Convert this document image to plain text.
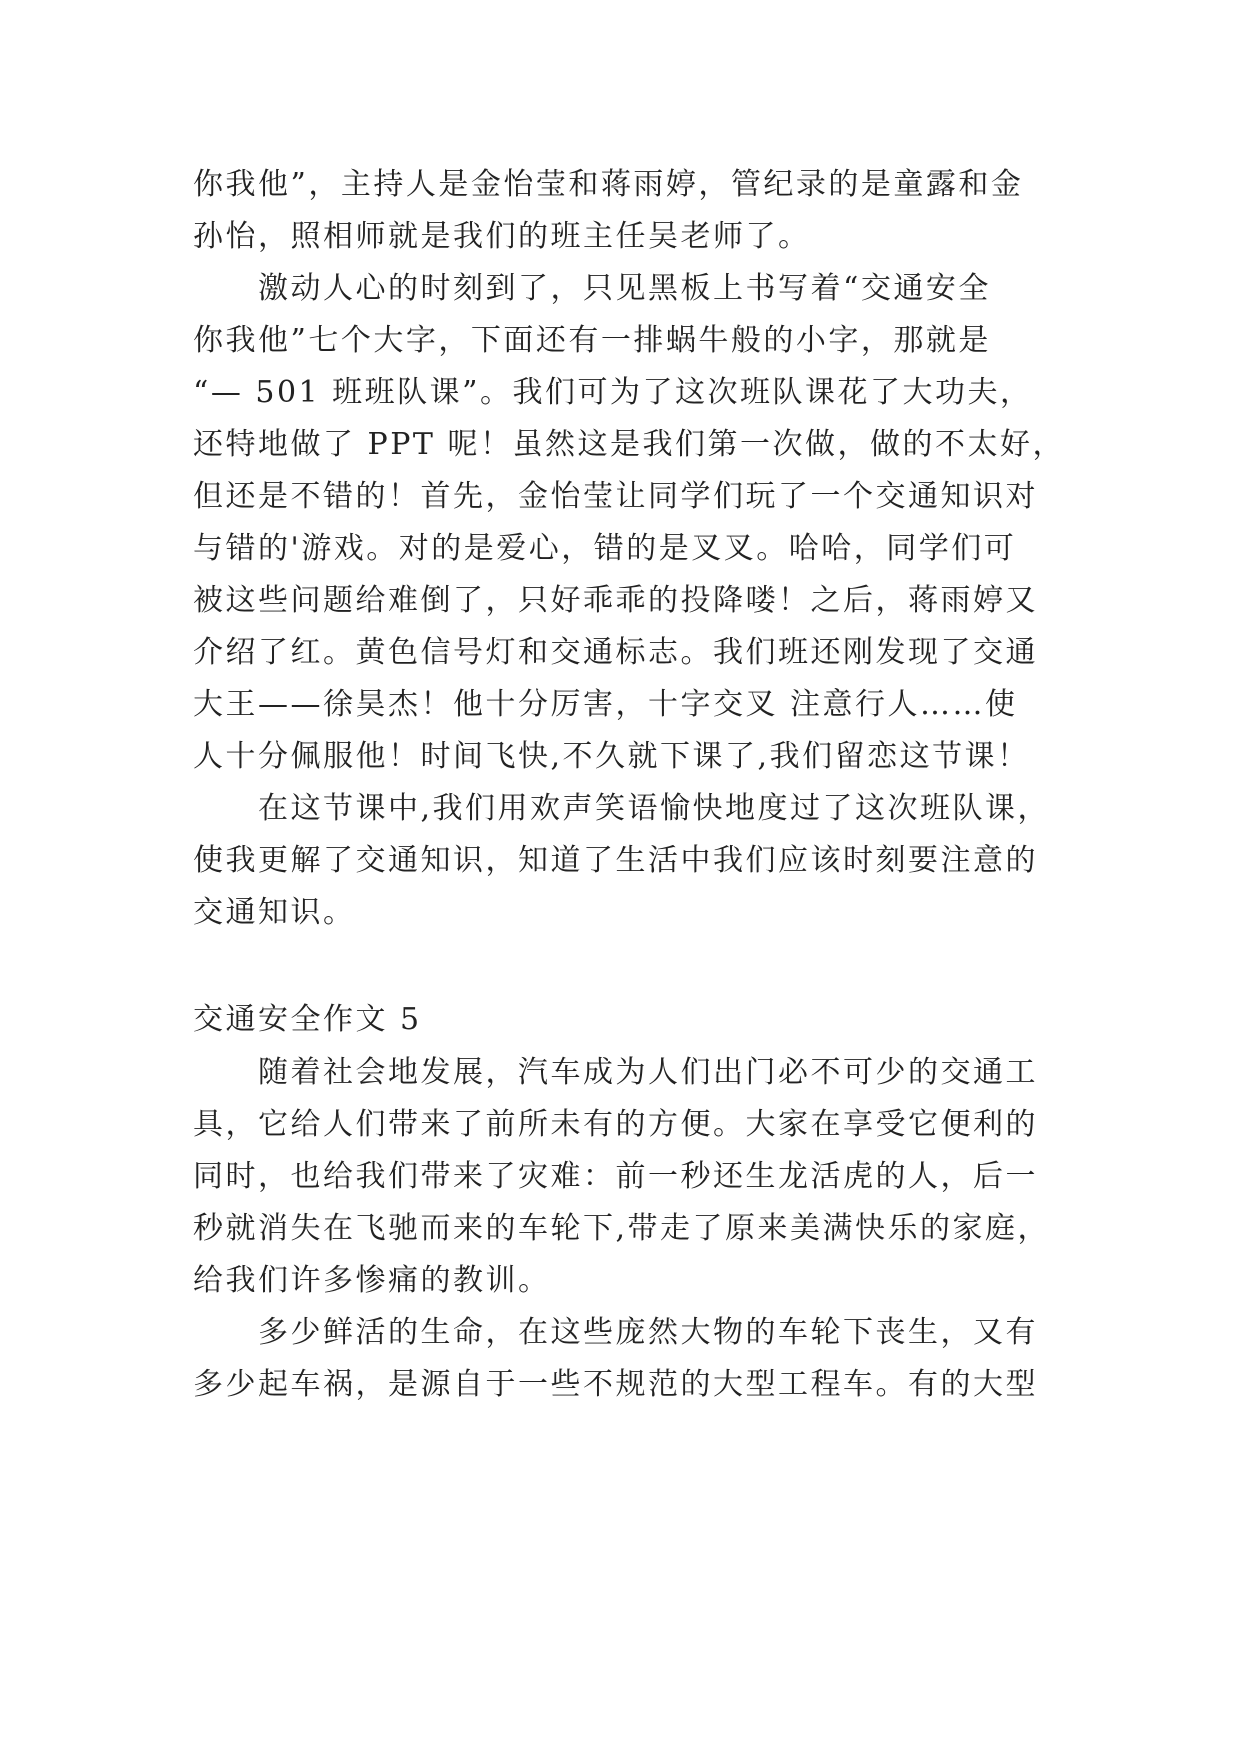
你我他”，主持人是金怡莹和蒋雨婷，管纪录的是童露和金
孙怡，照相师就是我们的班主任吴老师了。
激动人心的时刻到了，只见黑板上书写着“交通安全
你我他”七个大字，下面还有一排蜗牛般的小字，那就是
“— 501 班班队课”。我们可为了这次班队课花了大功夫，
还特地做了 PPT 呢！虽然这是我们第一次做，做的不太好，
但还是不错的！首先，金怡莹让同学们玩了一个交通知识对
与错的'游戏。对的是爱心，错的是叉叉。哈哈，同学们可
被这些问题给难倒了，只好乖乖的投降喽！之后，蒋雨婷又
介绍了红。黄色信号灯和交通标志。我们班还刚发现了交通
大王——徐昊杰！他十分厉害，十字交叉 注意行人……使
人十分佩服他！时间飞快,不久就下课了,我们留恋这节课！
在这节课中,我们用欢声笑语愉快地度过了这次班队课，
使我更解了交通知识，知道了生活中我们应该时刻要注意的
交通知识。
交通安全作文 5
随着社会地发展，汽车成为人们出门必不可少的交通工
具，它给人们带来了前所未有的方便。大家在享受它便利的
同时，也给我们带来了灾难：前一秒还生龙活虎的人，后一
秒就消失在飞驰而来的车轮下,带走了原来美满快乐的家庭，
给我们许多惨痛的教训。
多少鲜活的生命，在这些庞然大物的车轮下丧生，又有
多少起车祸，是源自于一些不规范的大型工程车。有的大型
